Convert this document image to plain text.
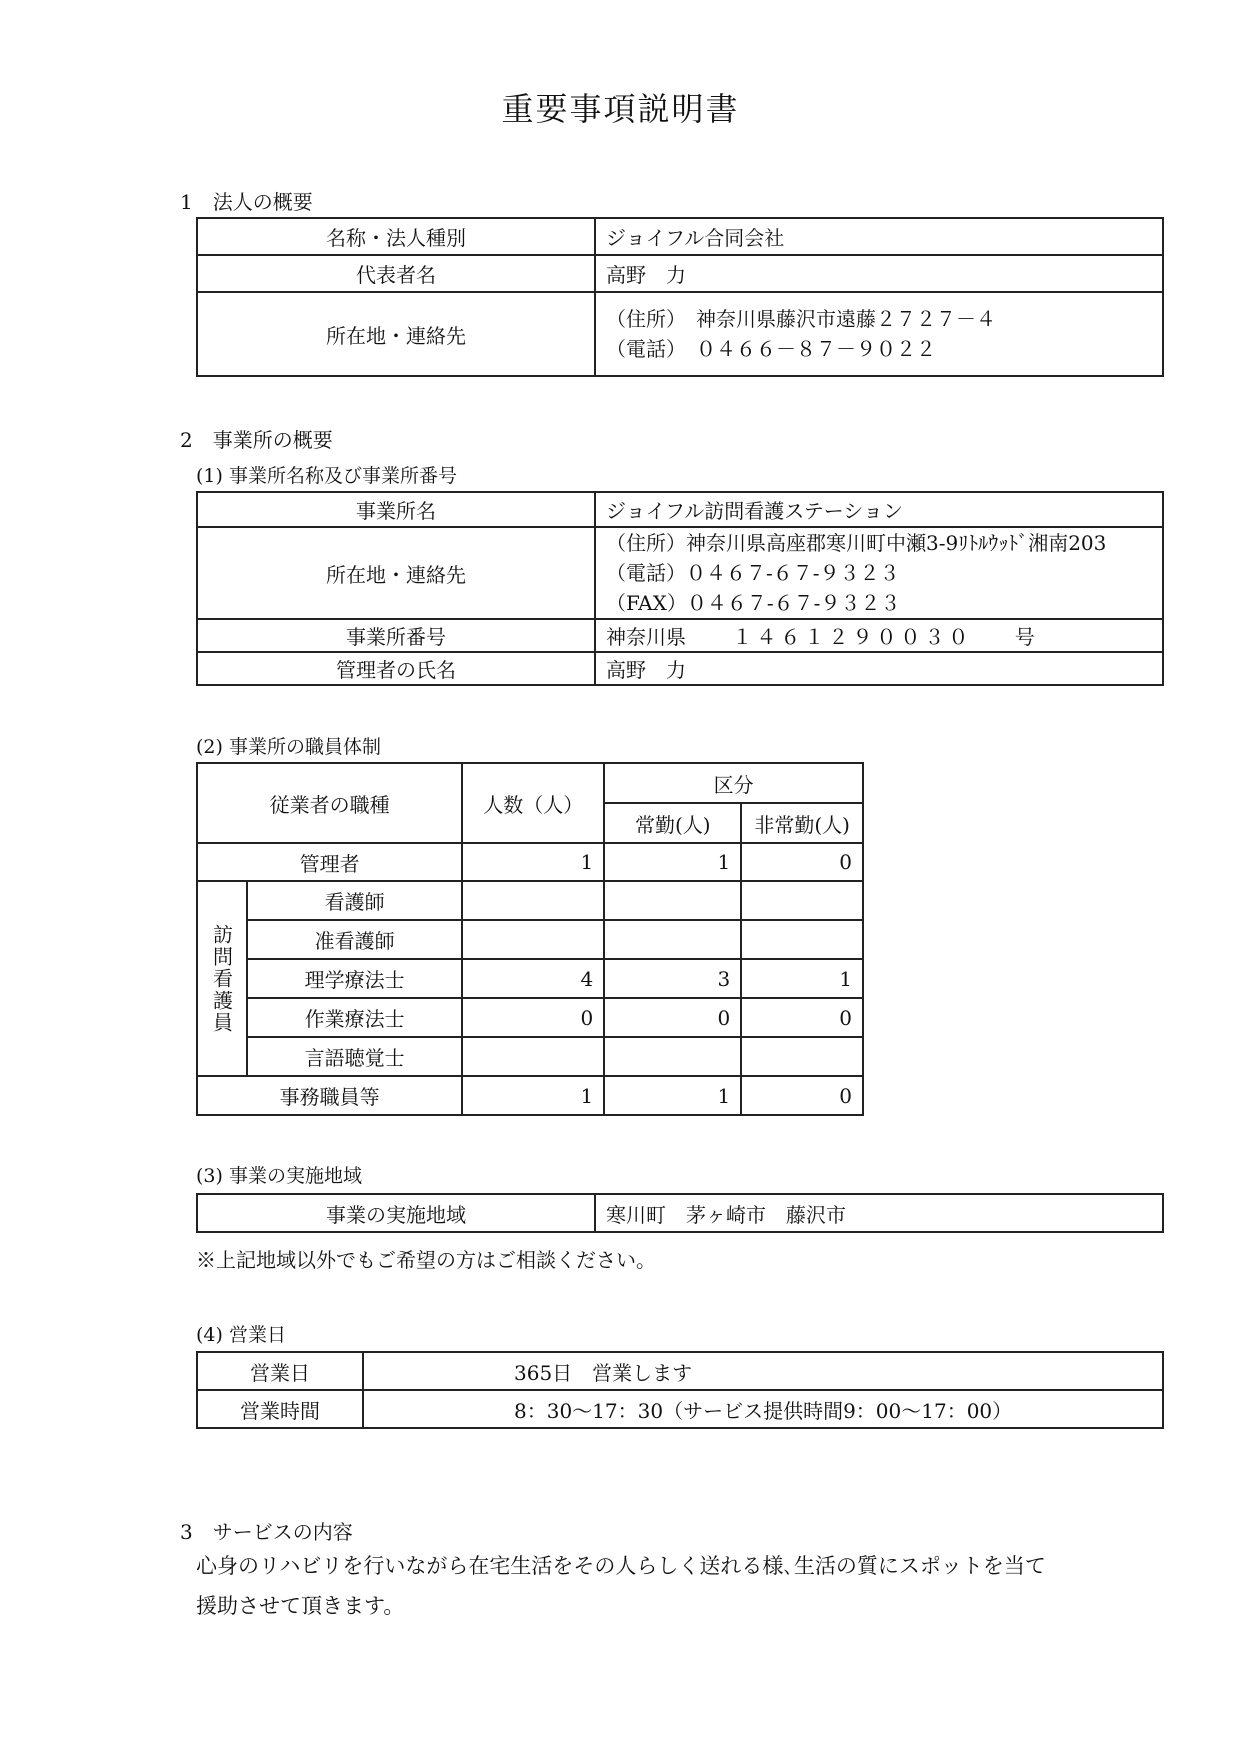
重要事項説明書
1　法人の概要
名称・法人種別	ジョイフル合同会社
代表者名	高野　力
所在地・連絡先	（住所）　神奈川県藤沢市遠藤２７２７－４
（電話）　０４６６－８７－９０２２
2　事業所の概要
(1) 事業所名称及び事業所番号
事業所名	ジョイフル訪問看護ステーション
所在地・連絡先	（住所）神奈川県高座郡寒川町中瀬3-9ﾘﾄﾙｳｯﾄﾞ湘南203
（電話）０４６７-６７-９３２３
（FAX）０４６７-６７-９３２３

事業所番号	神奈川県 １４６１２９００３０ 号
管理者の氏名	高野　力
(2) 事業所の職員体制
従業者の職種		人数（人）	区分	
			常勤(人)	非常勤(人)
管理者		1	1	0
訪問看護員	看護師			
	准看護師			
	理学療法士	4	3	1
	作業療法士	0	0	0
	言語聴覚士			
事務職員等		1	1	0
(3) 事業の実施地域
事業の実施地域	寒川町　茅ヶ崎市　藤沢市
※上記地域以外でもご希望の方はご相談ください。
(4) 営業日
営業日	365日　営業します
営業時間	8：30～17：30（サービス提供時間9：00～17：00）
3　サービスの内容
心身のリハビリを行いながら在宅生活をその人らしく送れる様､生活の質にスポットを当て
援助させて頂きます。
